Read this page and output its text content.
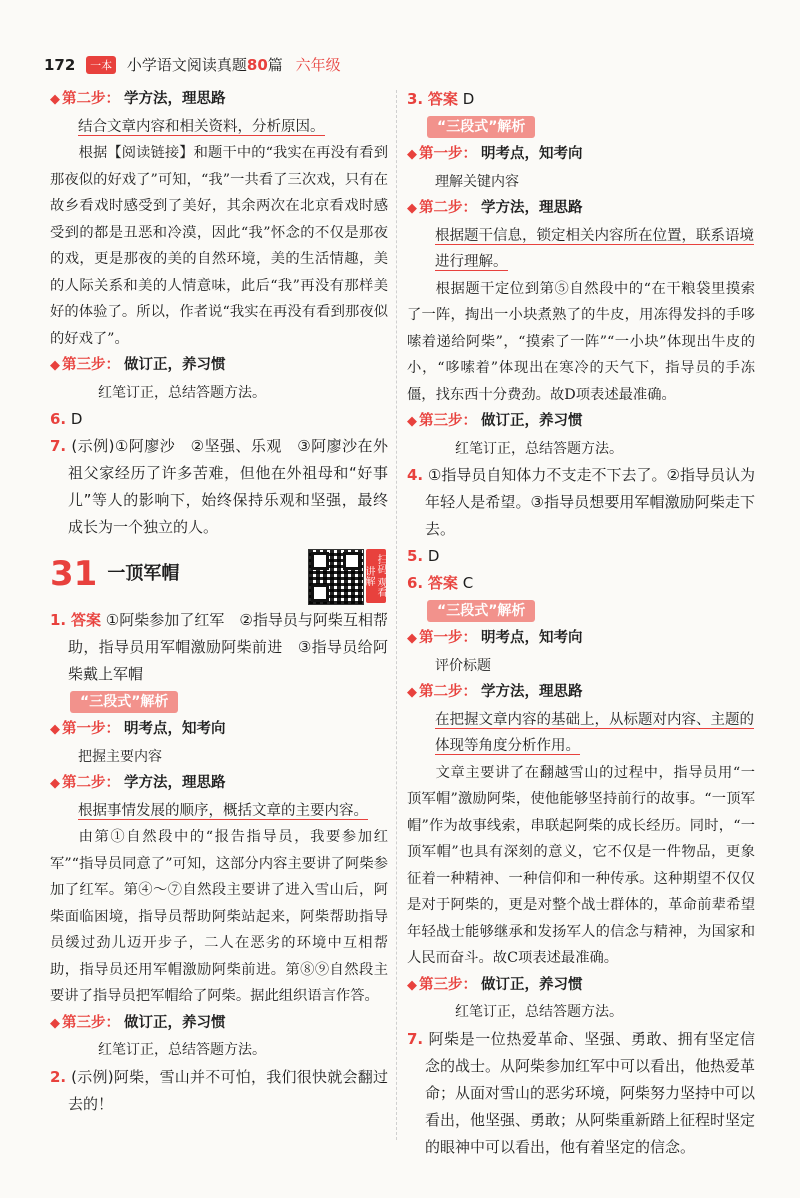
172 一本 小学语文阅读真题80篇 六年级
◆ 第二步： 学方法，理思路
结合文章内容和相关资料，分析原因。
根据【阅读链接】和题干中的“我实在再没有看到那夜似的好戏了”可知，“我”一共看了三次戏，只有在故乡看戏时感受到了美好，其余两次在北京看戏时感受到的都是丑恶和冷漠，因此“我”怀念的不仅是那夜的戏，更是那夜的美的自然环境，美的生活情趣，美的人际关系和美的人情意味，此后“我”再没有那样美好的体验了。所以，作者说“我实在再没有看到那夜似的好戏了”。
◆ 第三步： 做订正，养习惯
红笔订正，总结答题方法。
6. D
7. (示例)①阿廖沙　②坚强、乐观　③阿廖沙在外祖父家经历了许多苦难，但他在外祖母和“好事儿”等人的影响下，始终保持乐观和坚强，最终成长为一个独立的人。
31 一顶军帽	扫码 观看 讲解
1. 答案 ①阿柴参加了红军　②指导员与阿柴互相帮助，指导员用军帽激励阿柴前进　③指导员给阿柴戴上军帽
“三段式”解析
◆ 第一步： 明考点，知考向
把握主要内容
◆ 第二步： 学方法，理思路
根据事情发展的顺序，概括文章的主要内容。
由第①自然段中的“报告指导员，我要参加红军”“指导员同意了”可知，这部分内容主要讲了阿柴参加了红军。第④～⑦自然段主要讲了进入雪山后，阿柴面临困境，指导员帮助阿柴站起来，阿柴帮助指导员缓过劲儿迈开步子，二人在恶劣的环境中互相帮助，指导员还用军帽激励阿柴前进。第⑧⑨自然段主要讲了指导员把军帽给了阿柴。据此组织语言作答。
◆ 第三步： 做订正，养习惯
红笔订正，总结答题方法。
2. (示例)阿柴，雪山并不可怕，我们很快就会翻过去的！
3. 答案 D
“三段式”解析
◆ 第一步： 明考点，知考向
理解关键内容
◆ 第二步： 学方法，理思路
根据题干信息，锁定相关内容所在位置，联系语境进行理解。
根据题干定位到第⑤自然段中的“在干粮袋里摸索了一阵，掏出一小块煮熟了的牛皮，用冻得发抖的手哆嗦着递给阿柴”，“摸索了一阵”“一小块”体现出牛皮的小，“哆嗦着”体现出在寒冷的天气下，指导员的手冻僵，找东西十分费劲。故D项表述最准确。
◆ 第三步： 做订正，养习惯
红笔订正，总结答题方法。
4. ①指导员自知体力不支走不下去了。②指导员认为年轻人是希望。③指导员想要用军帽激励阿柴走下去。
5. D
6. 答案 C
“三段式”解析
◆ 第一步： 明考点，知考向
评价标题
◆ 第二步： 学方法，理思路
在把握文章内容的基础上，从标题对内容、主题的体现等角度分析作用。
文章主要讲了在翻越雪山的过程中，指导员用“一顶军帽”激励阿柴，使他能够坚持前行的故事。“一顶军帽”作为故事线索，串联起阿柴的成长经历。同时，“一顶军帽”也具有深刻的意义，它不仅是一件物品，更象征着一种精神、一种信仰和一种传承。这种期望不仅仅是对于阿柴的，更是对整个战士群体的，革命前辈希望年轻战士能够继承和发扬军人的信念与精神，为国家和人民而奋斗。故C项表述最准确。
◆ 第三步： 做订正，养习惯
红笔订正，总结答题方法。
7. 阿柴是一位热爱革命、坚强、勇敢、拥有坚定信念的战士。从阿柴参加红军中可以看出，他热爱革命；从面对雪山的恶劣环境，阿柴努力坚持中可以看出，他坚强、勇敢；从阿柴重新踏上征程时坚定的眼神中可以看出，他有着坚定的信念。
